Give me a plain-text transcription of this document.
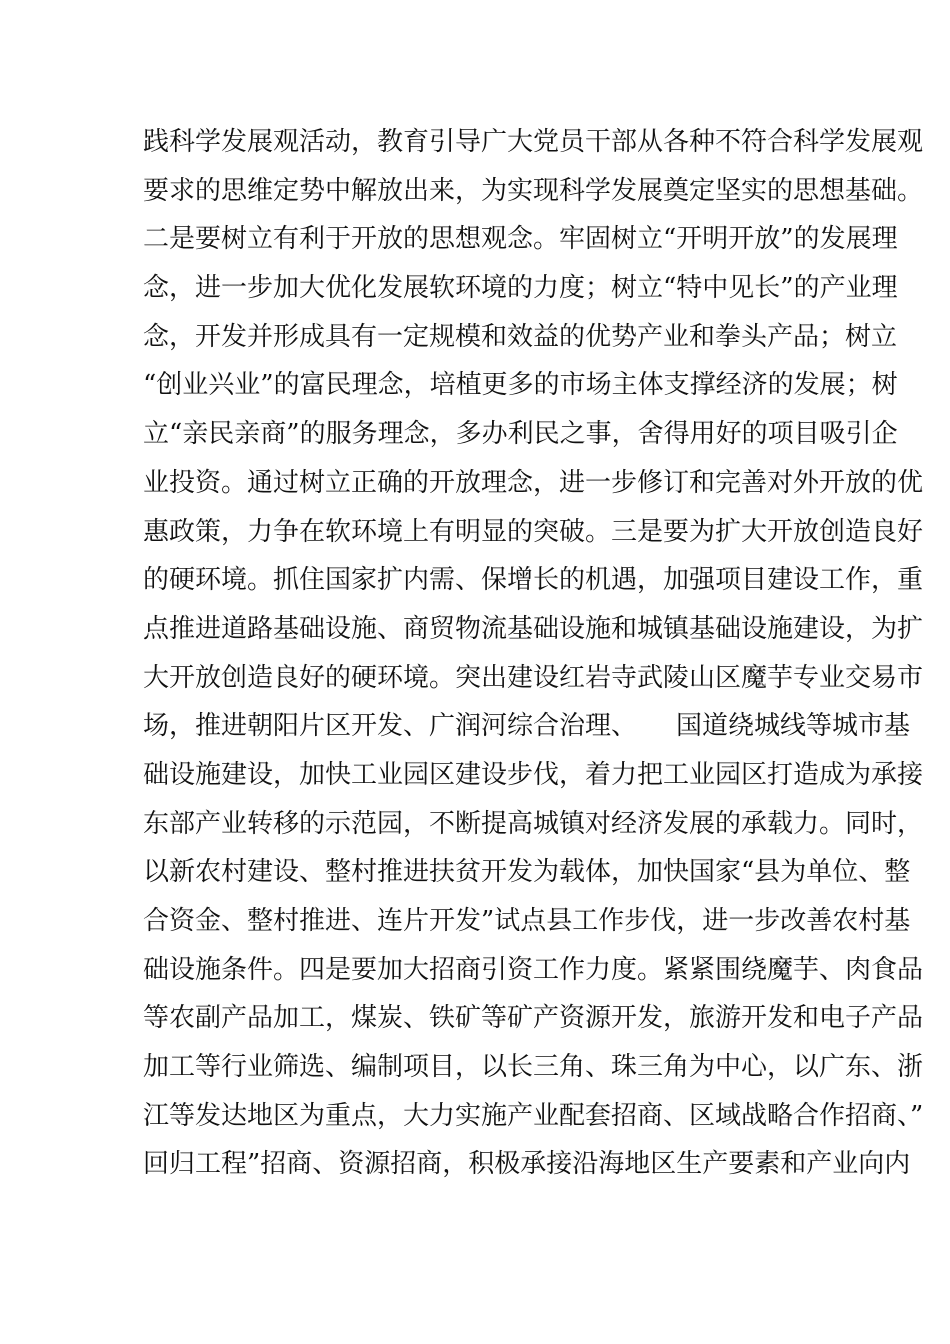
践科学发展观活动，教育引导广大党员干部从各种不符合科学发展观
要求的思维定势中解放出来，为实现科学发展奠定坚实的思想基础。
二是要树立有利于开放的思想观念。牢固树立“开明开放”的发展理
念，进一步加大优化发展软环境的力度；树立“特中见长”的产业理
念，开发并形成具有一定规模和效益的优势产业和拳头产品；树立
“创业兴业”的富民理念，培植更多的市场主体支撑经济的发展；树
立“亲民亲商”的服务理念，多办利民之事，舍得用好的项目吸引企
业投资。通过树立正确的开放理念，进一步修订和完善对外开放的优
惠政策，力争在软环境上有明显的突破。三是要为扩大开放创造良好
的硬环境。抓住国家扩内需、保增长的机遇，加强项目建设工作，重
点推进道路基础设施、商贸物流基础设施和城镇基础设施建设，为扩
大开放创造良好的硬环境。突出建设红岩寺武陵山区魔芋专业交易市
场，推进朝阳片区开发、广润河综合治理、　　国道绕城线等城市基
础设施建设，加快工业园区建设步伐，着力把工业园区打造成为承接
东部产业转移的示范园，不断提高城镇对经济发展的承载力。同时，
以新农村建设、整村推进扶贫开发为载体，加快国家“县为单位、整
合资金、整村推进、连片开发”试点县工作步伐，进一步改善农村基
础设施条件。四是要加大招商引资工作力度。紧紧围绕魔芋、肉食品
等农副产品加工，煤炭、铁矿等矿产资源开发，旅游开发和电子产品
加工等行业筛选、编制项目，以长三角、珠三角为中心，以广东、浙
江等发达地区为重点，大力实施产业配套招商、区域战略合作招商、”
回归工程”招商、资源招商，积极承接沿海地区生产要素和产业向内
